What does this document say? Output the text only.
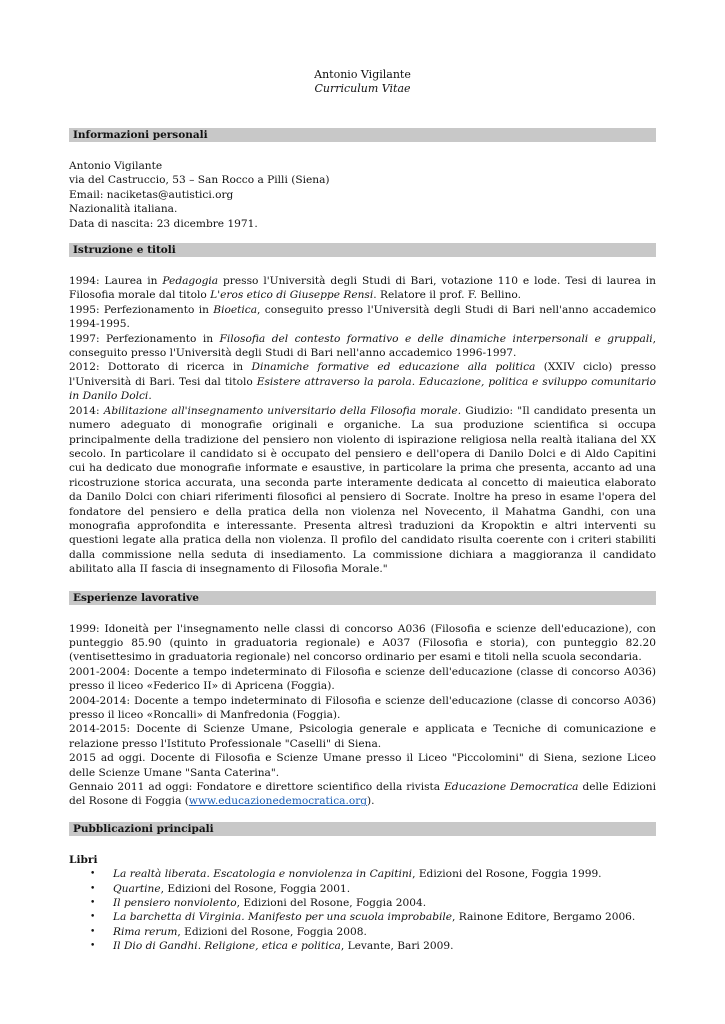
Antonio Vigilante
Curriculum Vitae
Informazioni personali

Antonio Vigilante

via del Castruccio, 53 – San Rocco a Pilli (Siena)

Email: naciketas@autistici.org

Nazionalità italiana.

Data di nascita: 23 dicembre 1971.

Istruzione e titoli

1994: Laurea in Pedagogia presso l'Università degli Studi di Bari, votazione 110 e lode. Tesi di laurea in Filosofia morale dal titolo L'eros etico di Giuseppe Rensi. Relatore il prof. F. Bellino.

1995: Perfezionamento in Bioetica, conseguito presso l'Università degli Studi di Bari nell'anno accademico 1994-1995.

1997: Perfezionamento in Filosofia del contesto formativo e delle dinamiche interpersonali e gruppali, conseguito presso l'Università degli Studi di Bari nell'anno accademico 1996-1997.

2012: Dottorato di ricerca in Dinamiche formative ed educazione alla politica (XXIV ciclo) presso l'Università di Bari. Tesi dal titolo Esistere attraverso la parola. Educazione, politica e sviluppo comunitario in Danilo Dolci.

2014: Abilitazione all'insegnamento universitario della Filosofia morale. Giudizio: "Il candidato presenta un numero adeguato di monografie originali e organiche. La sua produzione scientifica si occupa principalmente della tradizione del pensiero non violento di ispirazione religiosa nella realtà italiana del XX secolo. In particolare il candidato si è occupato del pensiero e dell'opera di Danilo Dolci e di Aldo Capitini cui ha dedicato due monografie informate e esaustive, in particolare la prima che presenta, accanto ad una ricostruzione storica accurata, una seconda parte interamente dedicata al concetto di maieutica elaborato da Danilo Dolci con chiari riferimenti filosofici al pensiero di Socrate. Inoltre ha preso in esame l'opera del fondatore del pensiero e della pratica della non violenza nel Novecento, il Mahatma Gandhi, con una monografia approfondita e interessante. Presenta altresì traduzioni da Kropoktin e altri interventi su questioni legate alla pratica della non violenza. Il profilo del candidato risulta coerente con i criteri stabiliti dalla commissione nella seduta di insediamento. La commissione dichiara a maggioranza il candidato abilitato alla II fascia di insegnamento di Filosofia Morale."

Esperienze lavorative

1999: Idoneità per l'insegnamento nelle classi di concorso A036 (Filosofia e scienze dell'educazione), con punteggio 85.90 (quinto in graduatoria regionale) e A037 (Filosofia e storia), con punteggio 82.20 (ventisettesimo in graduatoria regionale) nel concorso ordinario per esami e titoli nella scuola secondaria.

2001-2004: Docente a tempo indeterminato di Filosofia e scienze dell'educazione (classe di concorso A036) presso il liceo «Federico II» di Apricena (Foggia).

2004-2014: Docente a tempo indeterminato di Filosofia e scienze dell'educazione (classe di concorso A036) presso il liceo «Roncalli» di Manfredonia (Foggia).

2014-2015: Docente di Scienze Umane, Psicologia generale e applicata e Tecniche di comunicazione e relazione presso l'Istituto Professionale "Caselli" di Siena.

2015 ad oggi. Docente di Filosofia e Scienze Umane presso il Liceo "Piccolomini" di Siena, sezione Liceo delle Scienze Umane "Santa Caterina".

Gennaio 2011 ad oggi: Fondatore e direttore scientifico della rivista Educazione Democratica delle Edizioni del Rosone di Foggia (www.educazionedemocratica.org).

Pubblicazioni principali
Libri
• La realtà liberata. Escatologia e nonviolenza in Capitini, Edizioni del Rosone, Foggia 1999.
• Quartine, Edizioni del Rosone, Foggia 2001.
• Il pensiero nonviolento, Edizioni del Rosone, Foggia 2004.
• La barchetta di Virginia. Manifesto per una scuola improbabile, Rainone Editore, Bergamo 2006.
• Rima rerum, Edizioni del Rosone, Foggia 2008.
• Il Dio di Gandhi. Religione, etica e politica, Levante, Bari 2009.
